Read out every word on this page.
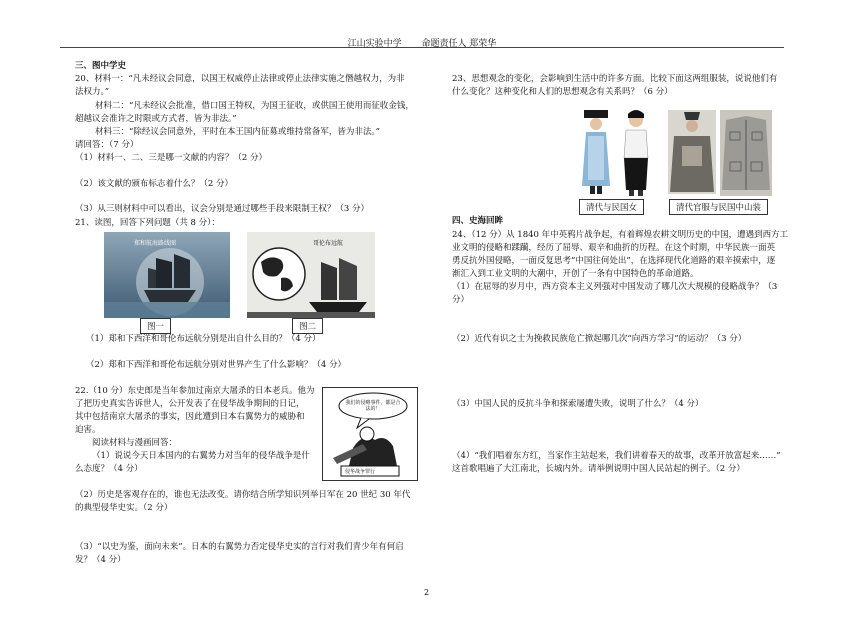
江山实验中学 命题责任人 郑荣华
三、图中学史
20、材料一：“凡未经议会同意，以国王权威停止法律或停止法律实施之僭越权力，为非
法权力。”
材料二：“凡未经议会批准，借口国王特权，为国王征收，或供国王使用而征收金钱，
超越议会准许之时限或方式者，皆为非法。”
材料三：“除经议会同意外，平时在本王国内征募或维持常备军，皆为非法。”
请回答：（7 分）
（1）材料一、二、三是哪一文献的内容？（2 分）
（2）该文献的颁布标志着什么？（2 分）
（3）从三则材料中可以看出，议会分别是通过哪些手段来限制王权？（3 分）
21、读图，回答下列问题（共 8 分）：
郑和航海路线图	哥伦布远航
图一	图二
（1）郑和下西洋和哥伦布远航分别是出自什么目的？（4 分）
（2）郑和下西洋和哥伦布远航分别对世界产生了什么影响？（4 分）
22.（10 分）东史郎是当年参加过南京大屠杀的日本老兵。他为
了把历史真实告诉世人，公开发表了在侵华战争期间的日记，
其中包括南京大屠杀的事实，因此遭到日本右翼势力的威胁和
迫害。
阅读材料与漫画回答：
（1）说说今天日本国内的右翼势力对当年的侵华战争是什
么态度？（4 分）
我们的侵略事件，都是合法的！
侵华战争罪行
（2）历史是客观存在的，谁也无法改变。请你结合所学知识列举日军在 20 世纪 30 年代
的典型侵华史实。（2 分）
（3）“以史为鉴，面向未来”。日本的右翼势力否定侵华史实的言行对我们青少年有何启
发？（4 分）
23、思想观念的变化，会影响到生活中的许多方面。比较下面这两组服装，说说他们有
什么变化？这种变化和人们的思想观念有关系吗？（6 分）
清代与民国女	清代官服与民国中山装
四、史海回眸
24、（12 分）从 1840 年中英鸦片战争起，有着辉煌农耕文明历史的中国，遭遇到西方工
业文明的侵略和蹂躏，经历了屈辱、艰辛和曲折的历程。在这个时期，中华民族一面英
勇反抗外国侵略，一面反复思考“中国往何处出”，在选择现代化道路的艰辛摸索中，逐
渐汇入到工业文明的大潮中，开创了一条有中国特色的革命道路。
（1）在屈辱的岁月中，西方资本主义列强对中国发动了哪几次大规模的侵略战争？（3
分）
（2）近代有识之士为挽救民族危亡掀起哪几次“向西方学习”的运动？（3 分）
（3）中国人民的反抗斗争和探索屡遭失败，说明了什么？（4 分）
（4）“我们唱着东方红，当家作主站起来，我们讲着春天的故事，改革开放富起来……”
这首歌唱遍了大江南北，长城内外。请举例说明中国人民站起的例子。（2 分）
2
